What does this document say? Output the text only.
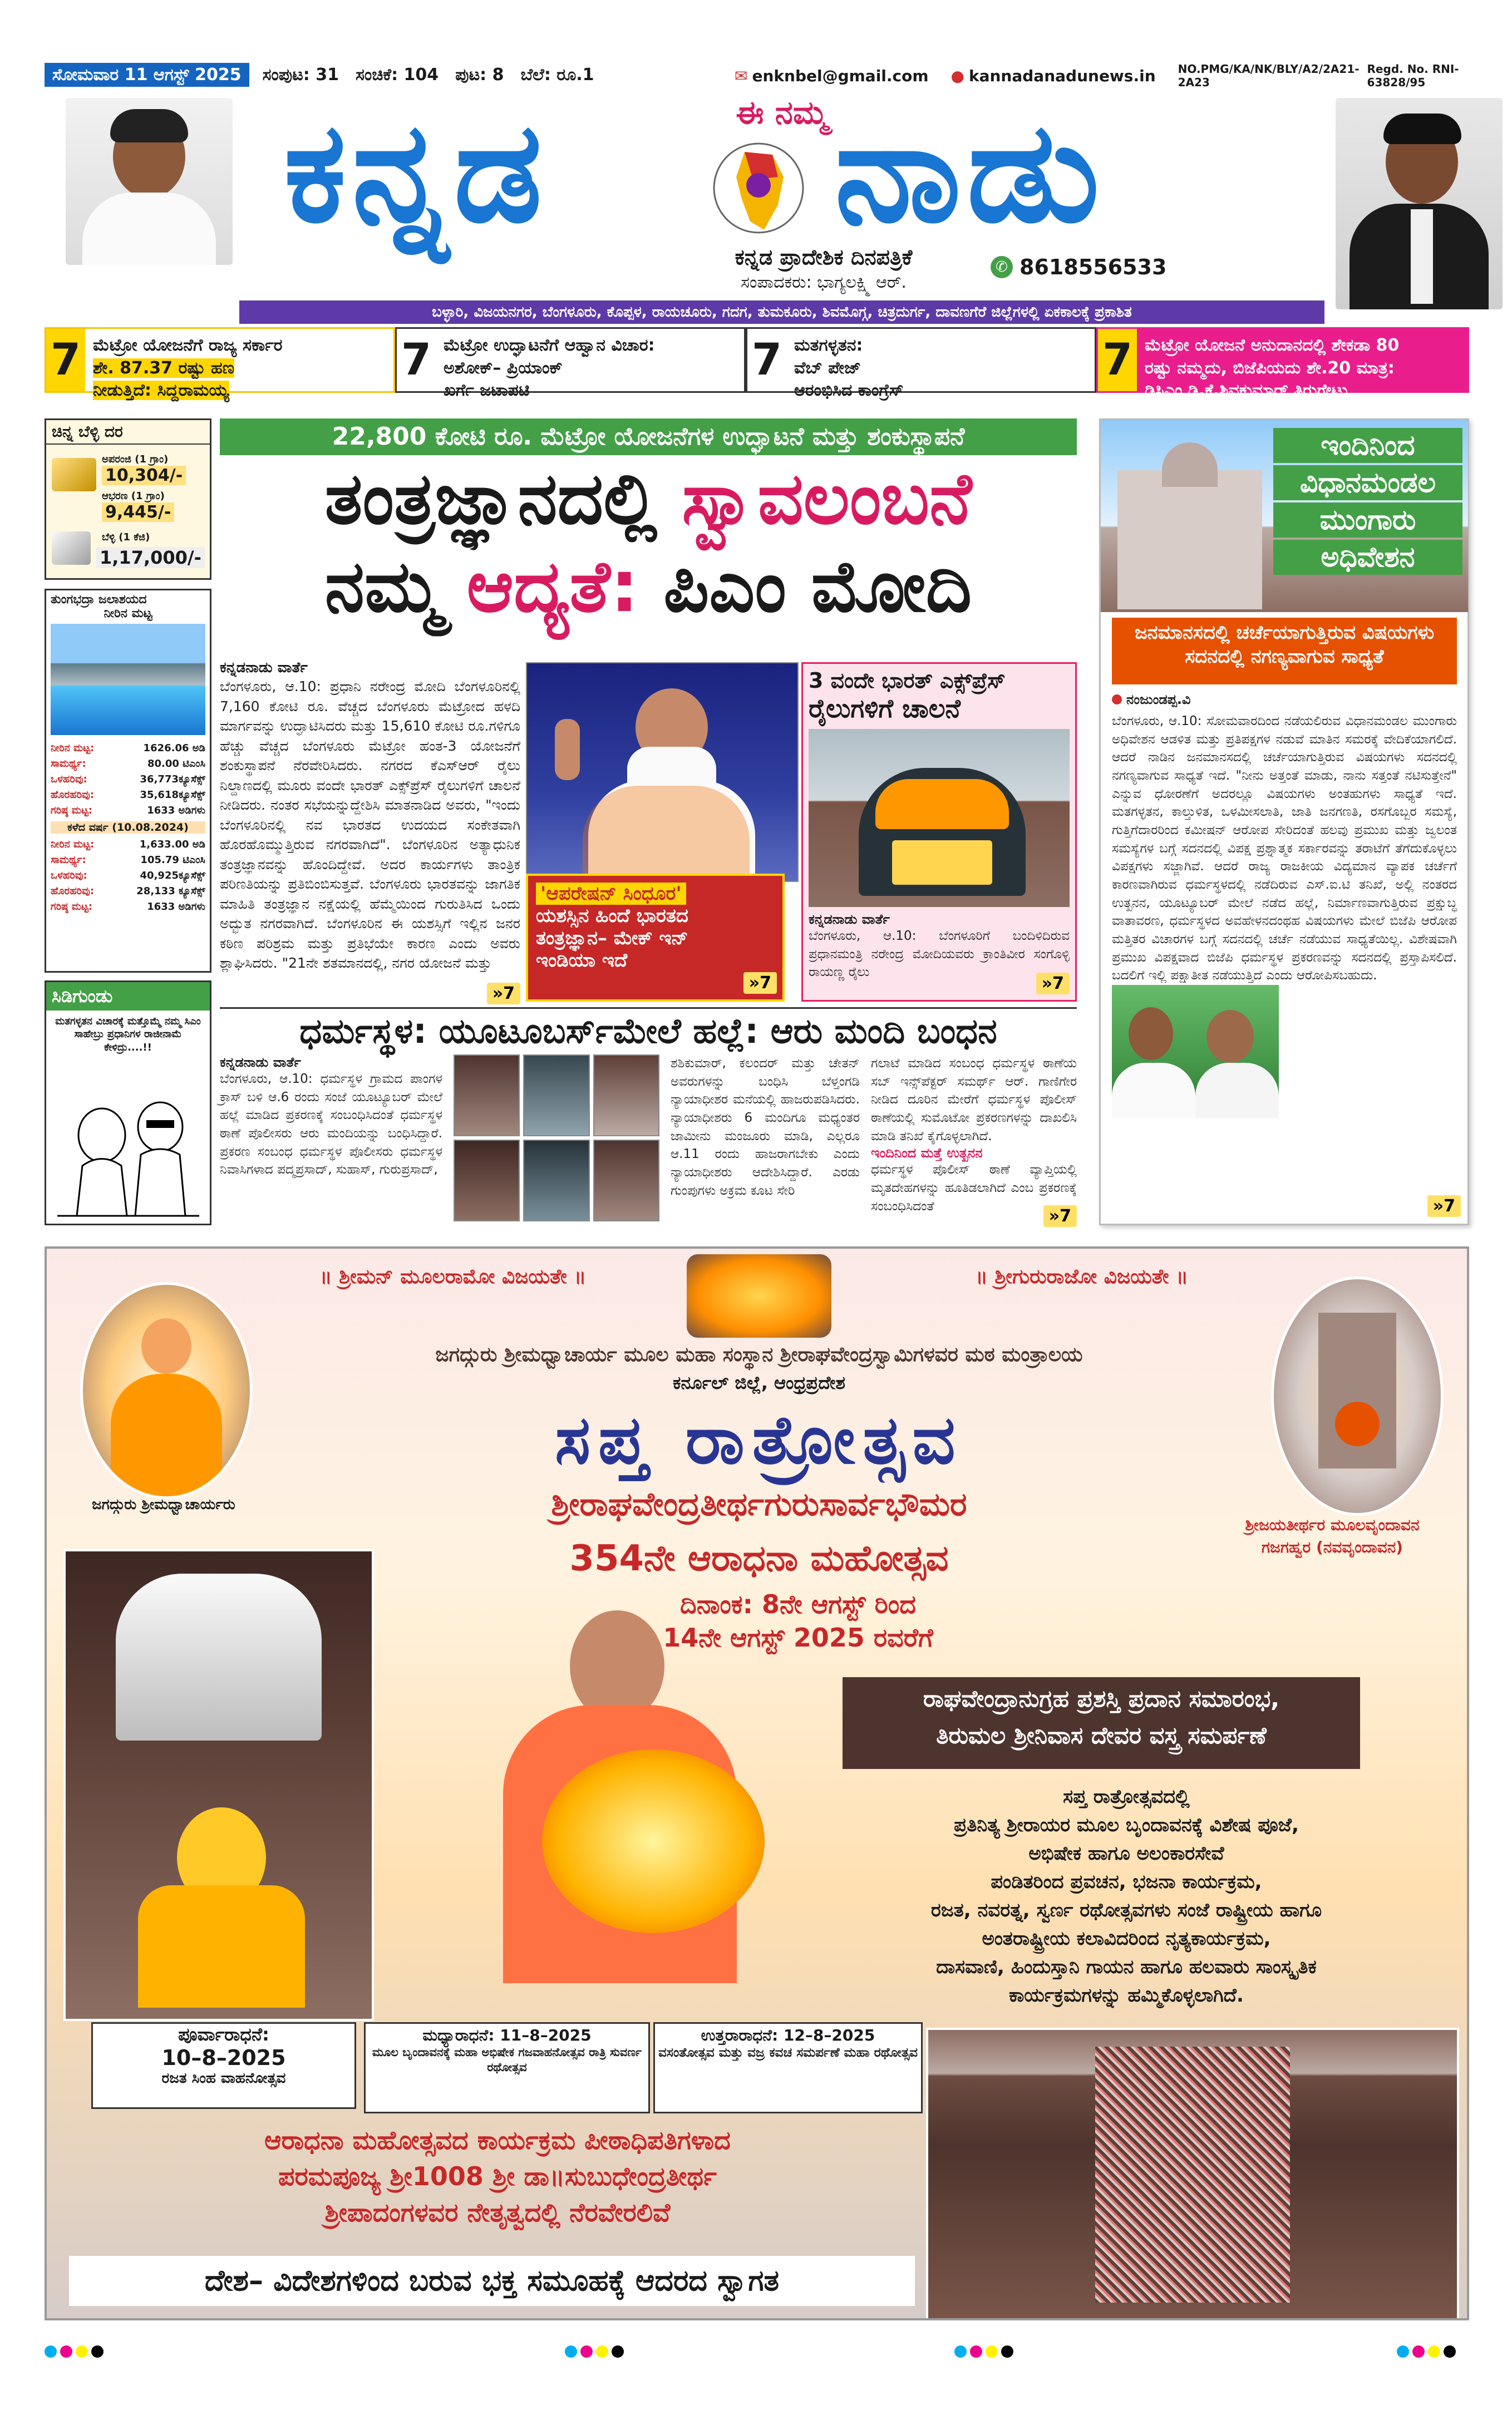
ಸೋಮವಾರ 11 ಆಗಸ್ಟ್ 2025	ಸಂಪುಟ: 31 ಸಂಚಿಕೆ: 104 ಪುಟ: 8 ಬೆಲೆ: ರೂ.1	✉ enknbel@gmail.com ● kannadanadunews.in NO.PMG/KA/NK/BLY/A2/2A21-2A23
Regd. No. RNI- 63828/95
ಕನ್ನಡ	ಈ ನಮ್ಮ ನಾಡು
ಕನ್ನಡ ಪ್ರಾದೇಶಿಕ ದಿನಪತ್ರಿಕೆ
ಸಂಪಾದಕರು: ಭಾಗ್ಯಲಕ್ಷ್ಮಿ ಆರ್.
✆ 8618556533
ಬಳ್ಳಾರಿ, ವಿಜಯನಗರ, ಬೆಂಗಳೂರು, ಕೊಪ್ಪಳ, ರಾಯಚೂರು, ಗದಗ, ತುಮಕೂರು, ಶಿವಮೊಗ್ಗ, ಚಿತ್ರದುರ್ಗ, ದಾವಣಗೆರೆ ಜಿಲ್ಲೆಗಳಲ್ಲಿ ಏಕಕಾಲಕ್ಕೆ ಪ್ರಕಾಶಿತ
7 ಮೆಟ್ರೋ ಯೋಜನೆಗೆ ರಾಜ್ಯ ಸರ್ಕಾರ
ಶೇ. 87.37 ರಷ್ಟು ಹಣ
ನೀಡುತ್ತಿದೆ: ಸಿದ್ದರಾಮಯ್ಯ
7 ಮೆಟ್ರೋ ಉದ್ಘಾಟನೆಗೆ ಆಹ್ವಾನ ವಿಚಾರ:
ಅಶೋಕ್– ಪ್ರಿಯಾಂಕ್
ಖರ್ಗೆ ಜಟಾಪಟಿ
7 ಮತಗಳ್ಳತನ:
ವೆಬ್ ಪೇಜ್
ಆರಂಭಿಸಿದ ಕಾಂಗ್ರೆಸ್
7 ಮೆಟ್ರೋ ಯೋಜನೆ ಅನುದಾನದಲ್ಲಿ ಶೇಕಡಾ 80
ರಷ್ಟು ನಮ್ಮದು, ಬಿಜೆಪಿಯದು ಶೇ.20 ಮಾತ್ರ:
ಡಿಸಿಎಂ ಡಿ.ಕೆ.ಶಿವಕುಮಾರ್ ತಿರುಗೇಟು
ಚಿನ್ನ ಬೆಳ್ಳಿ ದರ
ಅಪರಂಜಿ (1 ಗ್ರಾಂ)
10,304/-
ಆಭರಣ (1 ಗ್ರಾಂ)
9,445/-
ಬೆಳ್ಳಿ (1 ಕೆಜಿ)
1,17,000/-
ತುಂಗಭದ್ರಾ ಜಲಾಶಯದ
ನೀರಿನ ಮಟ್ಟ
ನೀರಿನ ಮಟ್ಟ:	1626.06 ಅಡಿ
ಸಾಮರ್ಥ್ಯ:	80.00 ಟಿಎಂಸಿ
ಒಳಹರಿವು:	36,773ಕ್ಯೂಸೆಕ್ಸ್
ಹೊರಹರಿವು:	35,618ಕ್ಯೂಸೆಕ್ಸ್
ಗರಿಷ್ಠ ಮಟ್ಟ:	1633 ಅಡಿಗಳು
ಕಳೆದ ವರ್ಷ (10.08.2024)
ನೀರಿನ ಮಟ್ಟ:	1,633.00 ಅಡಿ
ಸಾಮರ್ಥ್ಯ:	105.79 ಟಿಎಂಸಿ
ಒಳಹರಿವು:	40,925ಕ್ಯೂಸೆಕ್ಸ್
ಹೊರಹರಿವು:	28,133 ಕ್ಯೂಸೆಕ್ಸ್
ಗರಿಷ್ಠ ಮಟ್ಟ:	1633 ಅಡಿಗಳು
ಸಿಡಿಗುಂಡು
ಮತಗಳ್ಳತನ ವಿಚಾರಕ್ಕೆ ಮತ್ತೊಮ್ಮೆ ನಮ್ಮ ಸಿಎಂ ಸಾಹೇಬ್ರು ಪ್ರಧಾನಿಗಳ ರಾಜೀನಾಮೆ ಕೇಳಿದ್ರು....!!
22,800 ಕೋಟಿ ರೂ. ಮೆಟ್ರೋ ಯೋಜನೆಗಳ ಉದ್ಘಾಟನೆ ಮತ್ತು ಶಂಕುಸ್ಥಾಪನೆ
ತಂತ್ರಜ್ಞಾನದಲ್ಲಿ ಸ್ವಾವಲಂಬನೆ
ನಮ್ಮ ಆದ್ಯತೆ: ಪಿಎಂ ಮೋದಿ
ಕನ್ನಡನಾಡು ವಾರ್ತೆ
ಬೆಂಗಳೂರು, ಆ.10: ಪ್ರಧಾನಿ ನರೇಂದ್ರ ಮೋದಿ ಬೆಂಗಳೂರಿನಲ್ಲಿ 7,160 ಕೋಟಿ ರೂ. ವೆಚ್ಚದ ಬೆಂಗಳೂರು ಮೆಟ್ರೋದ ಹಳದಿ ಮಾರ್ಗವನ್ನು ಉದ್ಘಾಟಿಸಿದರು ಮತ್ತು 15,610 ಕೋಟಿ ರೂ.ಗಳಿಗೂ ಹೆಚ್ಚು ವೆಚ್ಚದ ಬೆಂಗಳೂರು ಮೆಟ್ರೋ ಹಂತ-3 ಯೋಜನೆಗೆ ಶಂಕುಸ್ಥಾಪನೆ ನೆರವೇರಿಸಿದರು. ನಗರದ ಕೆಎಸ್ಆರ್ ರೈಲು ನಿಲ್ದಾಣದಲ್ಲಿ ಮೂರು ವಂದೇ ಭಾರತ್ ಎಕ್ಸ್‌ಪ್ರೆಸ್ ರೈಲುಗಳಿಗೆ ಚಾಲನೆ ನೀಡಿದರು. ನಂತರ ಸಭೆಯನ್ನುದ್ದೇಶಿಸಿ ಮಾತನಾಡಿದ ಅವರು, "ಇಂದು ಬೆಂಗಳೂರಿನಲ್ಲಿ ನವ ಭಾರತದ ಉದಯದ ಸಂಕೇತವಾಗಿ ಹೊರಹೊಮ್ಮುತ್ತಿರುವ ನಗರವಾಗಿದೆ". ಬೆಂಗಳೂರಿನ ಅತ್ಯಾಧುನಿಕ ತಂತ್ರಜ್ಞಾನವನ್ನು ಹೊಂದಿದ್ದೇವೆ. ಅದರ ಕಾರ್ಯಗಳು ತಾಂತ್ರಿಕ ಪರಿಣತಿಯನ್ನು ಪ್ರತಿಬಿಂಬಿಸುತ್ತವೆ. ಬೆಂಗಳೂರು ಭಾರತವನ್ನು ಜಾಗತಿಕ ಮಾಹಿತಿ ತಂತ್ರಜ್ಞಾನ ನಕ್ಷೆಯಲ್ಲಿ ಹೆಮ್ಮೆಯಿಂದ ಗುರುತಿಸಿದ ಒಂದು ಅದ್ಭುತ ನಗರವಾಗಿದೆ. ಬೆಂಗಳೂರಿನ ಈ ಯಶಸ್ಸಿಗೆ ಇಲ್ಲಿನ ಜನರ ಕಠಿಣ ಪರಿಶ್ರಮ ಮತ್ತು ಪ್ರತಿಭೆಯೇ ಕಾರಣ ಎಂದು ಅವರು ಶ್ಲಾಘಿಸಿದರು. "21ನೇ ಶತಮಾನದಲ್ಲಿ, ನಗರ ಯೋಜನೆ ಮತ್ತು
»7
'ಆಪರೇಷನ್ ಸಿಂಧೂರ'
ಯಶಸ್ಸಿನ ಹಿಂದೆ ಭಾರತದ
ತಂತ್ರಜ್ಞಾನ– ಮೇಕ್ ಇನ್
ಇಂಡಿಯಾ ಇದೆ
»7
3 ವಂದೇ ಭಾರತ್ ಎಕ್ಸ್‌ಪ್ರೆಸ್
ರೈಲುಗಳಿಗೆ ಚಾಲನೆ
ಕನ್ನಡನಾಡು ವಾರ್ತೆ
ಬೆಂಗಳೂರು, ಆ.10: ಬೆಂಗಳೂರಿಗೆ ಬಂದಿಳಿದಿರುವ ಪ್ರಧಾನಮಂತ್ರಿ ನರೇಂದ್ರ ಮೋದಿಯವರು ಕ್ರಾಂತಿವೀರ ಸಂಗೊಳ್ಳಿ ರಾಯಣ್ಣ ರೈಲು
»7
ಧರ್ಮಸ್ಥಳ: ಯೂಟೂಬರ್ಸ್‌ಮೇಲೆ ಹಲ್ಲೆ: ಆರು ಮಂದಿ ಬಂಧನ
ಕನ್ನಡನಾಡು ವಾರ್ತೆ
ಬೆಂಗಳೂರು, ಆ.10: ಧರ್ಮಸ್ಥಳ ಗ್ರಾಮದ ಪಾಂಗಳ ಕ್ರಾಸ್ ಬಳಿ ಆ.6 ರಂದು ಸಂಜೆ ಯೂಟ್ಯೂಬರ್ ಮೇಲೆ ಹಲ್ಲೆ ಮಾಡಿದ ಪ್ರಕರಣಕ್ಕೆ ಸಂಬಂಧಿಸಿದಂತೆ ಧರ್ಮಸ್ಥಳ ಠಾಣೆ ಪೊಲೀಸರು ಆರು ಮಂದಿಯನ್ನು ಬಂಧಿಸಿದ್ದಾರೆ. ಪ್ರಕರಣ ಸಂಬಂಧ ಧರ್ಮಸ್ಥಳ ಪೊಲೀಸರು ಧರ್ಮಸ್ಥಳ ನಿವಾಸಿಗಳಾದ ಪದ್ಮಪ್ರಸಾದ್, ಸುಹಾಸ್, ಗುರುಪ್ರಸಾದ್,
ಶಶಿಕುಮಾರ್, ಕಲಂದರ್ ಮತ್ತು ಚೇತನ್ ಅವರುಗಳನ್ನು ಬಂಧಿಸಿ ಬೆಳ್ತಂಗಡಿ ನ್ಯಾಯಾಧೀಶರ ಮನೆಯಲ್ಲಿ ಹಾಜರುಪಡಿಸಿದರು. ನ್ಯಾಯಾಧೀಶರು 6 ಮಂದಿಗೂ ಮಧ್ಯಂತರ ಜಾಮೀನು ಮಂಜೂರು ಮಾಡಿ, ಎಲ್ಲರೂ ಆ.11 ರಂದು ಹಾಜರಾಗಬೇಕು ಎಂದು ನ್ಯಾಯಾಧೀಶರು ಆದೇಶಿಸಿದ್ದಾರೆ. ಎರಡು ಗುಂಪುಗಳು ಅಕ್ರಮ ಕೂಟ ಸೇರಿ
ಗಲಾಟೆ ಮಾಡಿದ ಸಂಬಂಧ ಧರ್ಮಸ್ಥಳ ಠಾಣೆಯ ಸಬ್ ಇನ್ಸ್‌ಪೆಕ್ಟರ್ ಸಮರ್ಥ್ ಆರ್. ಗಾಣಿಗೇರ ನೀಡಿದ ದೂರಿನ ಮೇರೆಗೆ ಧರ್ಮಸ್ಥಳ ಪೊಲೀಸ್ ಠಾಣೆಯಲ್ಲಿ ಸುಮೊಟೋ ಪ್ರಕರಣಗಳನ್ನು ದಾಖಲಿಸಿ ಮಾಡಿ ತನಿಖೆ ಕೈಗೊಳ್ಳಲಾಗಿದೆ.
ಇಂದಿನಿಂದ ಮತ್ತೆ ಉತ್ಖನನ
ಧರ್ಮಸ್ಥಳ ಪೊಲೀಸ್ ಠಾಣೆ ವ್ಯಾಪ್ತಿಯಲ್ಲಿ ಮೃತದೇಹಗಳನ್ನು ಹೂತಿಡಲಾಗಿದೆ ಎಂಬ ಪ್ರಕರಣಕ್ಕೆ ಸಂಬಂಧಿಸಿದಂತೆ
»7
ಇಂದಿನಿಂದ
ವಿಧಾನಮಂಡಲ
ಮುಂಗಾರು
ಅಧಿವೇಶನ
ಜನಮಾನಸದಲ್ಲಿ ಚರ್ಚೆಯಾಗುತ್ತಿರುವ ವಿಷಯಗಳು ಸದನದಲ್ಲಿ ನಗಣ್ಯವಾಗುವ ಸಾಧ್ಯತೆ
ನಂಜುಂಡಪ್ಪ.ವಿ
ಬೆಂಗಳೂರು, ಆ.10: ಸೋಮವಾರದಿಂದ ನಡೆಯಲಿರುವ ವಿಧಾನಮಂಡಲ ಮುಂಗಾರು ಅಧಿವೇಶನ ಆಡಳಿತ ಮತ್ತು ಪ್ರತಿಪಕ್ಷಗಳ ನಡುವೆ ಮಾತಿನ ಸಮರಕ್ಕೆ ವೇದಿಕೆಯಾಗಲಿದೆ. ಆದರೆ ನಾಡಿನ ಜನಮಾನಸದಲ್ಲಿ ಚರ್ಚೆಯಾಗುತ್ತಿರುವ ವಿಷಯಗಳು ಸದನದಲ್ಲಿ ನಗಣ್ಯವಾಗುವ ಸಾಧ್ಯತೆ ಇದೆ. "ನೀನು ಅತ್ತಂತೆ ಮಾಡು, ನಾನು ಸತ್ತಂತೆ ನಟಿಸುತ್ತೇನೆ" ಎನ್ನುವ ಧೋರಣೆಗೆ ಅದರಲ್ಲೂ ವಿಷಯಗಳು ಅಂತಹುಗಳು ಸಾಧ್ಯತೆ ಇದೆ. ಮತಗಳ್ಳತನ, ಕಾಲ್ತುಳಿತ, ಒಳಮೀಸಲಾತಿ, ಜಾತಿ ಜನಗಣತಿ, ರಸಗೊಬ್ಬರ ಸಮಸ್ಯೆ, ಗುತ್ತಿಗೆದಾರರಿಂದ ಕಮೀಷನ್ ಆರೋಪ ಸೇರಿದಂತೆ ಹಲವು ಪ್ರಮುಖ ಮತ್ತು ಜ್ವಲಂತ ಸಮಸ್ಯೆಗಳ ಬಗ್ಗೆ ಸದನದಲ್ಲಿ ವಿಪಕ್ಷ ಪ್ರಶ್ನಾತ್ಮಕ ಸರ್ಕಾರವನ್ನು ತರಾಟೆಗೆ ತೆಗೆದುಕೊಳ್ಳಲು ವಿಪಕ್ಷಗಳು ಸಜ್ಜಾಗಿವೆ. ಆದರೆ ರಾಜ್ಯ ರಾಜಕೀಯ ವಿದ್ಯಮಾನ ವ್ಯಾಪಕ ಚರ್ಚೆಗೆ ಕಾರಣವಾಗಿರುವ ಧರ್ಮಸ್ಥಳದಲ್ಲಿ ನಡೆದಿರುವ ಎಸ್.ಐ.ಟಿ ತನಿಖೆ, ಅಲ್ಲಿ ನಂತರದ ಉತ್ಖನನ, ಯೂಟ್ಯೂಬರ್ ಮೇಲೆ ನಡೆದ ಹಲ್ಲೆ, ನಿರ್ಮಾಣವಾಗುತ್ತಿರುವ ಪ್ರಕ್ಷುಬ್ಧ ವಾತಾವರಣ, ಧರ್ಮಸ್ಥಳದ ಅವಹೇಳನದಂಥಹ ವಿಷಯಗಳು ಮೇಲೆ ಬಿಜೆಪಿ ಆರೋಪ ಮತ್ತಿತರ ವಿಚಾರಗಳ ಬಗ್ಗೆ ಸದನದಲ್ಲಿ ಚರ್ಚೆ ನಡೆಯುವ ಸಾಧ್ಯತೆಯಿಲ್ಲ. ವಿಶೇಷವಾಗಿ ಪ್ರಮುಖ ವಿಪಕ್ಷವಾದ ಬಿಜೆಪಿ ಧರ್ಮಸ್ಥಳ ಪ್ರಕರಣವನ್ನು ಸದನದಲ್ಲಿ ಪ್ರಸ್ತಾಪಿಸಲಿದೆ. ಬದಲಿಗೆ ಇಲ್ಲಿ ಪಕ್ಷಾತೀತ ನಡೆಯುತ್ತಿದೆ ಎಂದು ಆರೋಪಿಸಬಹುದು.
»7
॥ ಶ್ರೀಮನ್ ಮೂಲರಾಮೋ ವಿಜಯತೇ ॥	॥ ಶ್ರೀಗುರುರಾಜೋ ವಿಜಯತೇ ॥
ಜಗದ್ಗುರು ಶ್ರೀಮಧ್ವಾಚಾರ್ಯರು
ಜಗದ್ಗುರು ಶ್ರೀಮಧ್ವಾಚಾರ್ಯ ಮೂಲ ಮಹಾ ಸಂಸ್ಥಾನ ಶ್ರೀರಾಘವೇಂದ್ರಸ್ವಾಮಿಗಳವರ ಮಠ ಮಂತ್ರಾಲಯ
ಕರ್ನೂಲ್ ಜಿಲ್ಲೆ, ಆಂಧ್ರಪ್ರದೇಶ
ಸಪ್ತ ರಾತ್ರೋತ್ಸವ
ಶ್ರೀರಾಘವೇಂದ್ರತೀರ್ಥಗುರುಸಾರ್ವಭೌಮರ
354ನೇ ಆರಾಧನಾ ಮಹೋತ್ಸವ
ದಿನಾಂಕ: 8ನೇ ಆಗಸ್ಟ್ ರಿಂದ
14ನೇ ಆಗಸ್ಟ್ 2025 ರವರೆಗೆ
ಶ್ರೀಜಯತೀರ್ಥರ ಮೂಲವೃಂದಾವನ
ಗಜಗಹ್ವರ (ನವವೃಂದಾವನ)
ರಾಘವೇಂದ್ರಾನುಗ್ರಹ ಪ್ರಶಸ್ತಿ ಪ್ರದಾನ ಸಮಾರಂಭ,
ತಿರುಮಲ ಶ್ರೀನಿವಾಸ ದೇವರ ವಸ್ತ್ರ ಸಮರ್ಪಣೆ
ಸಪ್ತ ರಾತ್ರೋತ್ಸವದಲ್ಲಿ
ಪ್ರತಿನಿತ್ಯ ಶ್ರೀರಾಯರ ಮೂಲ ಬೃಂದಾವನಕ್ಕೆ ವಿಶೇಷ ಪೂಜೆ,
ಅಭಿಷೇಕ ಹಾಗೂ ಅಲಂಕಾರಸೇವೆ
ಪಂಡಿತರಿಂದ ಪ್ರವಚನ, ಭಜನಾ ಕಾರ್ಯಕ್ರಮ,
ರಜತ, ನವರತ್ನ, ಸ್ವರ್ಣ ರಥೋತ್ಸವಗಳು ಸಂಜೆ ರಾಷ್ಟ್ರೀಯ ಹಾಗೂ
ಅಂತರಾಷ್ಟ್ರೀಯ ಕಲಾವಿದರಿಂದ ನೃತ್ಯಕಾರ್ಯಕ್ರಮ,
ದಾಸವಾಣಿ, ಹಿಂದುಸ್ತಾನಿ ಗಾಯನ ಹಾಗೂ ಹಲವಾರು ಸಾಂಸ್ಕೃತಿಕ
ಕಾರ್ಯಕ್ರಮಗಳನ್ನು ಹಮ್ಮಿಕೊಳ್ಳಲಾಗಿದೆ.
ಪೂರ್ವಾರಾಧನೆ:
10–8–2025
ರಜತ ಸಿಂಹ ವಾಹನೋತ್ಸವ
ಮಧ್ಯಾರಾಧನೆ: 11–8–2025
ಮೂಲ ಬೃಂದಾವನಕ್ಕೆ ಮಹಾ ಅಭಿಷೇಕ ಗಜವಾಹನೋತ್ಸವ ರಾತ್ರಿ ಸುವರ್ಣ ರಥೋತ್ಸವ
ಉತ್ತರಾರಾಧನೆ: 12–8–2025
ವಸಂತೋತ್ಸವ ಮತ್ತು ವಜ್ರ ಕವಚ ಸಮರ್ಪಣೆ ಮಹಾ ರಥೋತ್ಸವ
ಆರಾಧನಾ ಮಹೋತ್ಸವದ ಕಾರ್ಯಕ್ರಮ ಪೀಠಾಧಿಪತಿಗಳಾದ
ಪರಮಪೂಜ್ಯ ಶ್ರೀ1008 ಶ್ರೀ ಡಾ॥ಸುಬುಧೇಂದ್ರತೀರ್ಥ
ಶ್ರೀಪಾದಂಗಳವರ ನೇತೃತ್ವದಲ್ಲಿ ನೆರವೇರಲಿವೆ
ದೇಶ– ವಿದೇಶಗಳಿಂದ ಬರುವ ಭಕ್ತ ಸಮೂಹಕ್ಕೆ ಆದರದ ಸ್ವಾಗತ
